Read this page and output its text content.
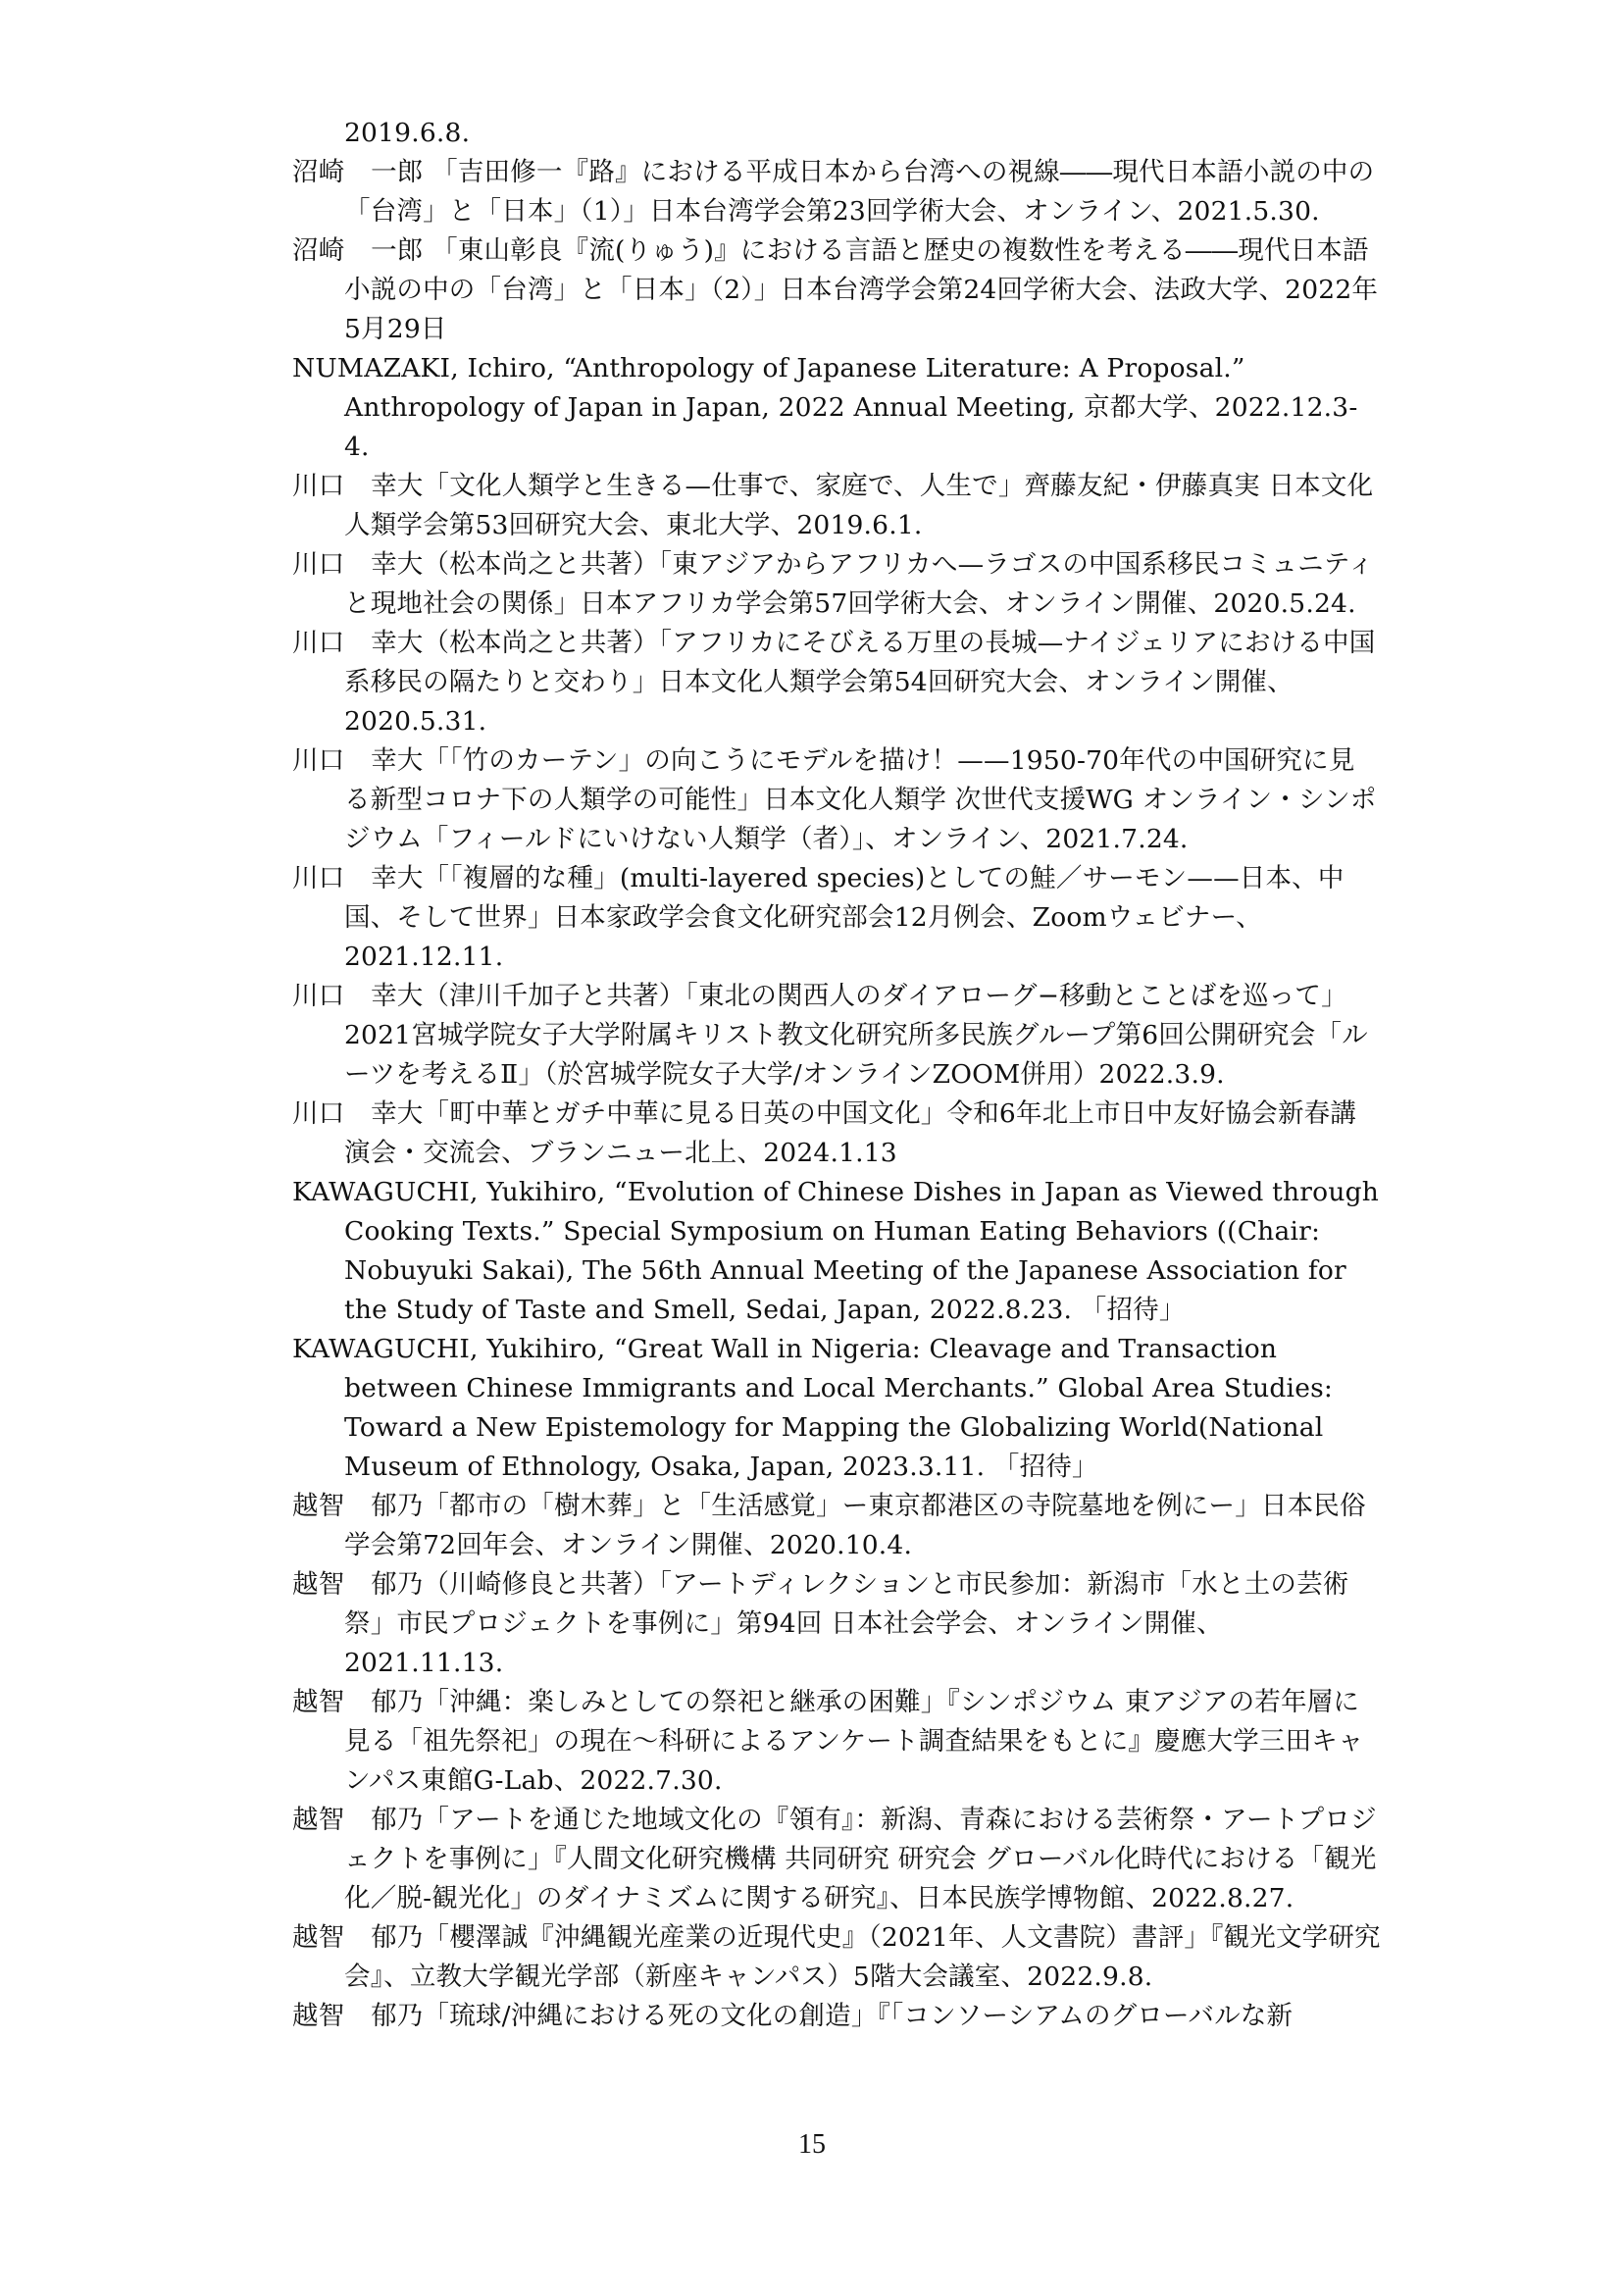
2019.6.8.

沼崎　一郎 「吉田修一『路』における平成日本から台湾への視線――現代日本語小説の中の「台湾」と「日本」（1）」日本台湾学会第23回学術大会、オンライン、2021.5.30.

沼崎　一郎 「東山彰良『流(りゅう)』における言語と歴史の複数性を考える――現代日本語小説の中の「台湾」と「日本」（2）」日本台湾学会第24回学術大会、法政大学、2022年5月29日

NUMAZAKI, Ichiro, “Anthropology of Japanese Literature: A Proposal.” Anthropology of Japan in Japan, 2022 Annual Meeting, 京都大学、2022.12.3-4.

川口　幸大「文化人類学と生きる—仕事で、家庭で、人生で」齊藤友紀・伊藤真実 日本文化人類学会第53回研究大会、東北大学、2019.6.1.

川口　幸大（松本尚之と共著）「東アジアからアフリカへ—ラゴスの中国系移民コミュニティと現地社会の関係」日本アフリカ学会第57回学術大会、オンライン開催、2020.5.24.

川口　幸大（松本尚之と共著）「アフリカにそびえる万里の長城—ナイジェリアにおける中国系移民の隔たりと交わり」日本文化人類学会第54回研究大会、オンライン開催、2020.5.31.

川口　幸大「「竹のカーテン」の向こうにモデルを描け！——1950-70年代の中国研究に見る新型コロナ下の人類学の可能性」日本文化人類学 次世代支援WG オンライン・シンポジウム「フィールドにいけない人類学（者）」、オンライン、2021.7.24.

川口　幸大「「複層的な種」(multi-layered species)としての鮭／サーモン——日本、中国、そして世界」日本家政学会食文化研究部会12月例会、Zoomウェビナー、2021.12.11.

川口　幸大（津川千加子と共著）「東北の関西人のダイアローグ−移動とことばを巡って」2021宮城学院女子大学附属キリスト教文化研究所多民族グループ第6回公開研究会「ルーツを考えるⅡ」（於宮城学院女子大学/オンラインZOOM併用）2022.3.9.

川口　幸大「町中華とガチ中華に見る日英の中国文化」令和6年北上市日中友好協会新春講演会・交流会、ブランニュー北上、2024.1.13

KAWAGUCHI, Yukihiro, “Evolution of Chinese Dishes in Japan as Viewed through Cooking Texts.” Special Symposium on Human Eating Behaviors ((Chair: Nobuyuki Sakai), The 56th Annual Meeting of the Japanese Association for the Study of Taste and Smell, Sedai, Japan, 2022.8.23. 「招待」

KAWAGUCHI, Yukihiro, “Great Wall in Nigeria: Cleavage and Transaction between Chinese Immigrants and Local Merchants.” Global Area Studies: Toward a New Epistemology for Mapping the Globalizing World(National Museum of Ethnology, Osaka, Japan, 2023.3.11. 「招待」

越智　郁乃「都市の「樹木葬」と「生活感覚」ー東京都港区の寺院墓地を例にー」日本民俗学会第72回年会、オンライン開催、2020.10.4.

越智　郁乃（川崎修良と共著）「アートディレクションと市民参加：新潟市「水と土の芸術祭」市民プロジェクトを事例に」第94回 日本社会学会、オンライン開催、2021.11.13.

越智　郁乃「沖縄：楽しみとしての祭祀と継承の困難」『シンポジウム 東アジアの若年層に見る「祖先祭祀」の現在～科研によるアンケート調査結果をもとに』慶應大学三田キャンパス東館G-Lab、2022.7.30.

越智　郁乃「アートを通じた地域文化の『領有』：新潟、青森における芸術祭・アートプロジェクトを事例に」『人間文化研究機構 共同研究 研究会 グローバル化時代における「観光化／脱-観光化」のダイナミズムに関する研究』、日本民族学博物館、2022.8.27.

越智　郁乃「櫻澤誠『沖縄観光産業の近現代史』（2021年、人文書院）書評」『観光文学研究会』、立教大学観光学部（新座キャンパス）5階大会議室、2022.9.8.

越智　郁乃「琉球/沖縄における死の文化の創造」『「コンソーシアムのグローバルな新

15
